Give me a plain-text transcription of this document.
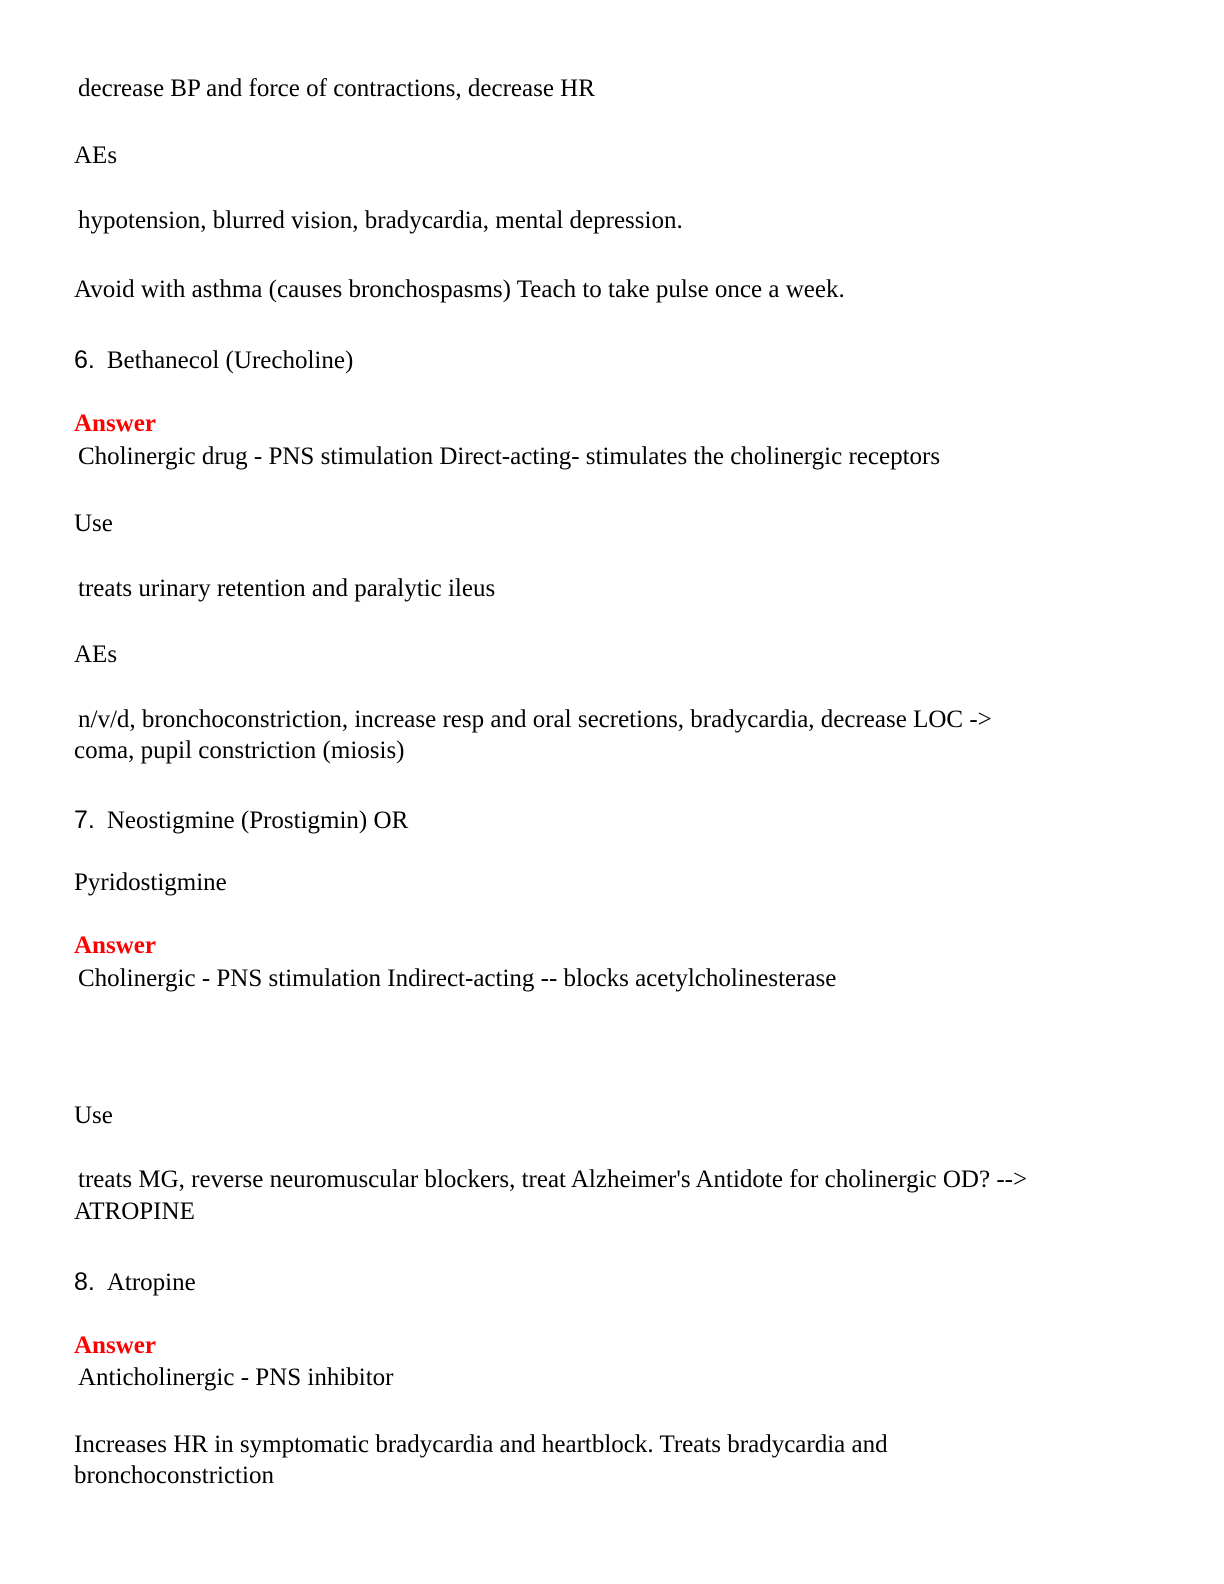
decrease BP and force of contractions, decrease HR
AEs
hypotension, blurred vision, bradycardia, mental depression.
Avoid with asthma (causes bronchospasms) Teach to take pulse once a week.
6. Bethanecol (Urecholine)
Answer
Cholinergic drug - PNS stimulation Direct-acting- stimulates the cholinergic receptors
Use
treats urinary retention and paralytic ileus
AEs
n/v/d, bronchoconstriction, increase resp and oral secretions, bradycardia, decrease LOC ->
coma, pupil constriction (miosis)
7. Neostigmine (Prostigmin) OR
Pyridostigmine
Answer
Cholinergic - PNS stimulation Indirect-acting -- blocks acetylcholinesterase
Use
treats MG, reverse neuromuscular blockers, treat Alzheimer's Antidote for cholinergic OD? -->
ATROPINE
8. Atropine
Answer
Anticholinergic - PNS inhibitor
Increases HR in symptomatic bradycardia and heartblock. Treats bradycardia and
bronchoconstriction
